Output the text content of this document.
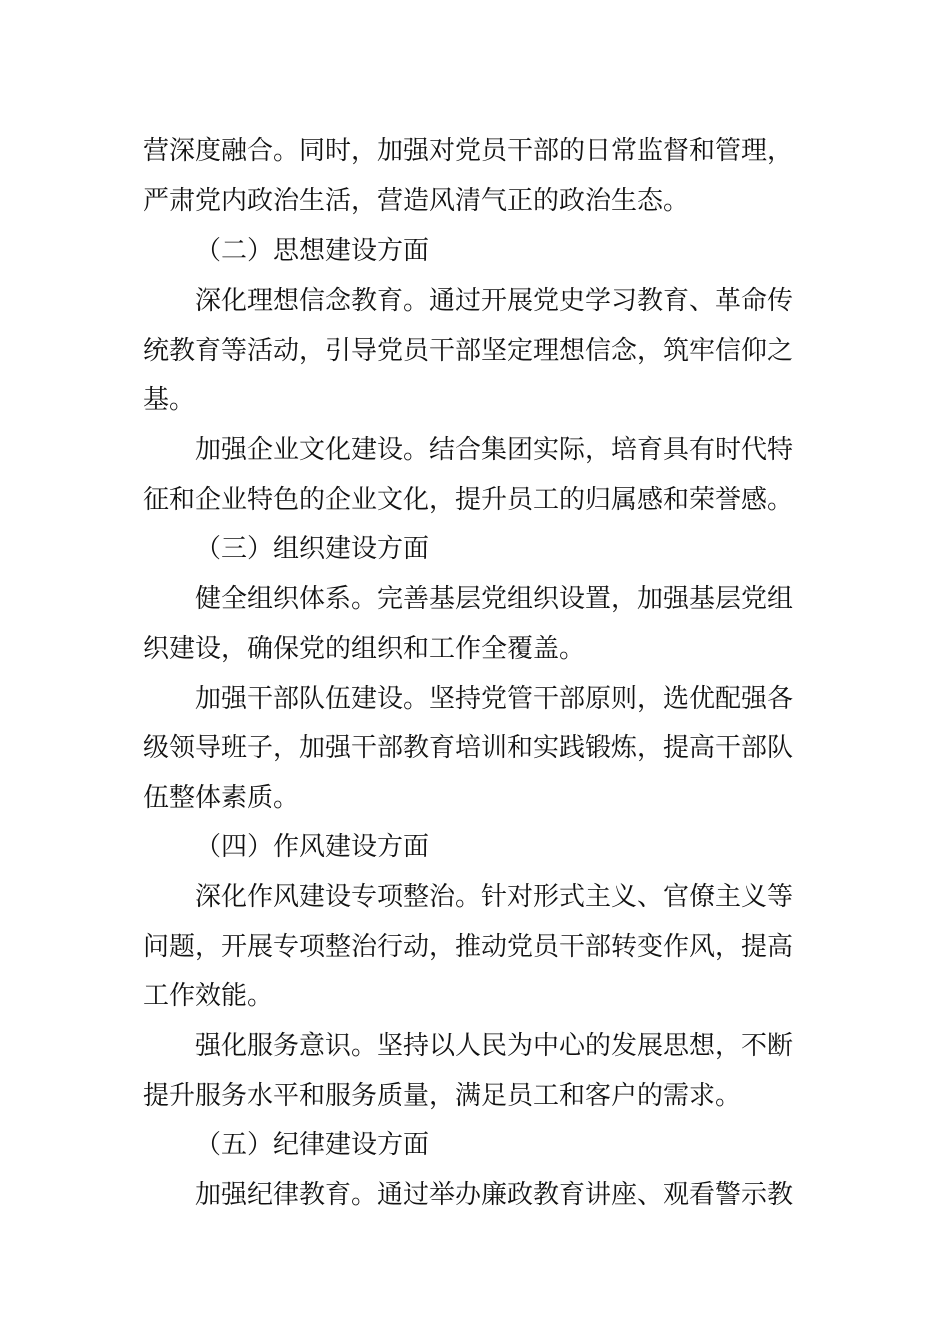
营深度融合。同时，加强对党员干部的日常监督和管理，
严肃党内政治生活，营造风清气正的政治生态。
（二）思想建设方面
深化理想信念教育。通过开展党史学习教育、革命传
统教育等活动，引导党员干部坚定理想信念，筑牢信仰之
基。
加强企业文化建设。结合集团实际，培育具有时代特
征和企业特色的企业文化，提升员工的归属感和荣誉感。
（三）组织建设方面
健全组织体系。完善基层党组织设置，加强基层党组
织建设，确保党的组织和工作全覆盖。
加强干部队伍建设。坚持党管干部原则，选优配强各
级领导班子，加强干部教育培训和实践锻炼，提高干部队
伍整体素质。
（四）作风建设方面
深化作风建设专项整治。针对形式主义、官僚主义等
问题，开展专项整治行动，推动党员干部转变作风，提高
工作效能。
强化服务意识。坚持以人民为中心的发展思想，不断
提升服务水平和服务质量，满足员工和客户的需求。
（五）纪律建设方面
加强纪律教育。通过举办廉政教育讲座、观看警示教
